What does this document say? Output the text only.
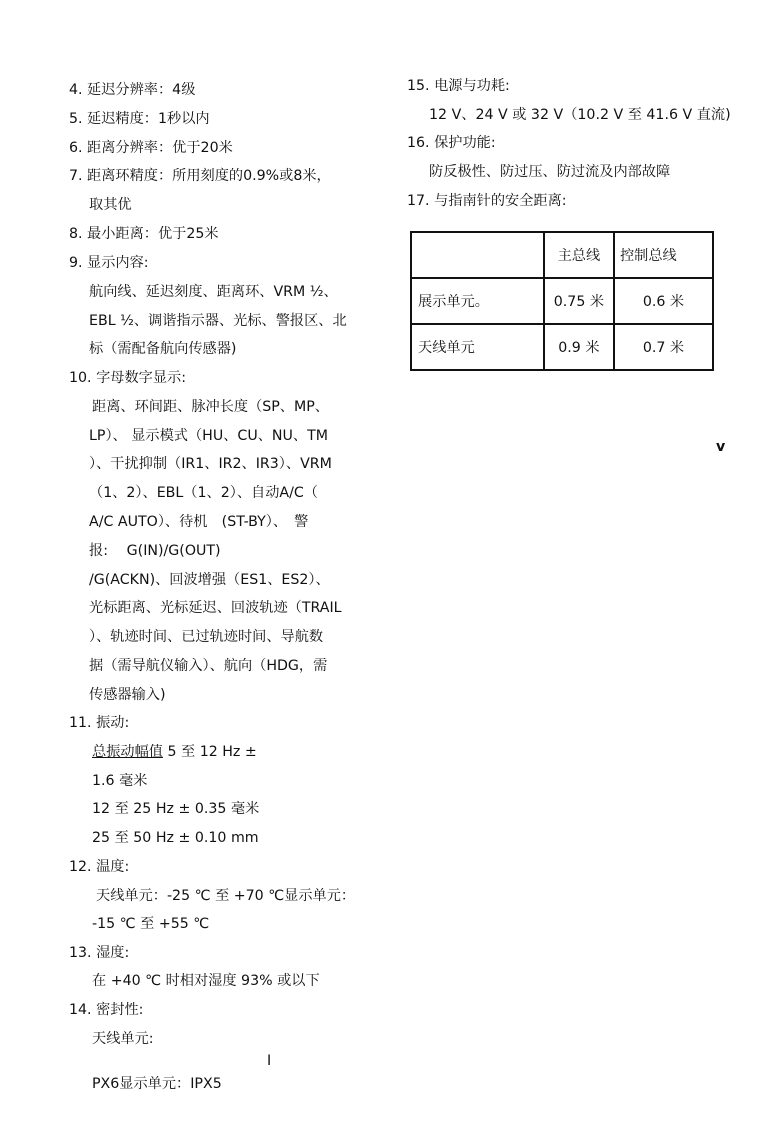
4. 延迟分辨率：4级
5. 延迟精度：1秒以内
6. 距离分辨率：优于20米
7. 距离环精度：所用刻度的0.9%或8米，
取其优
8. 最小距离：优于25米
9. 显示内容:
航向线、延迟刻度、距离环、VRM ½、
EBL ½、调谐指示器、光标、警报区、北
标（需配备航向传感器)
10. 字母数字显示:
距离、环间距、脉冲长度（SP、MP、
LP）、 显示模式（HU、CU、NU、TM
）、干扰抑制（IR1、IR2、IR3）、VRM
（1、2）、EBL（1、2）、自动A/C（
A/C AUTO）、待机　(ST-BY）、　警
报:　 G(IN)/G(OUT)
/G(ACKN)、回波增强（ES1、ES2）、
光标距离、光标延迟、回波轨迹（TRAIL
）、轨迹时间、已过轨迹时间、导航数
据（需导航仪输入）、航向（HDG，需
传感器输入)
11. 振动:
总振动幅值 5 至 12 Hz ±
1.6 毫米
12 至 25 Hz ± 0.35 毫米
25 至 50 Hz ± 0.10 mm
12. 温度:
天线单元：-25 ℃ 至 +70 ℃显示单元：
-15 ℃ 至 +55 ℃
13. 湿度:
在 +40 ℃ 时相对湿度 93% 或以下
14. 密封性:
天线单元:
I
PX6显示单元：IPX5
15. 电源与功耗:
12 V、24 V 或 32 V（10.2 V 至 41.6 V 直流)
16. 保护功能:
防反极性、防过压、防过流及内部故障
17. 与指南针的安全距离:
	主总线	控制总线
展示单元。	0.75 米	0.6 米
天线单元	0.9 米	0.7 米
v
